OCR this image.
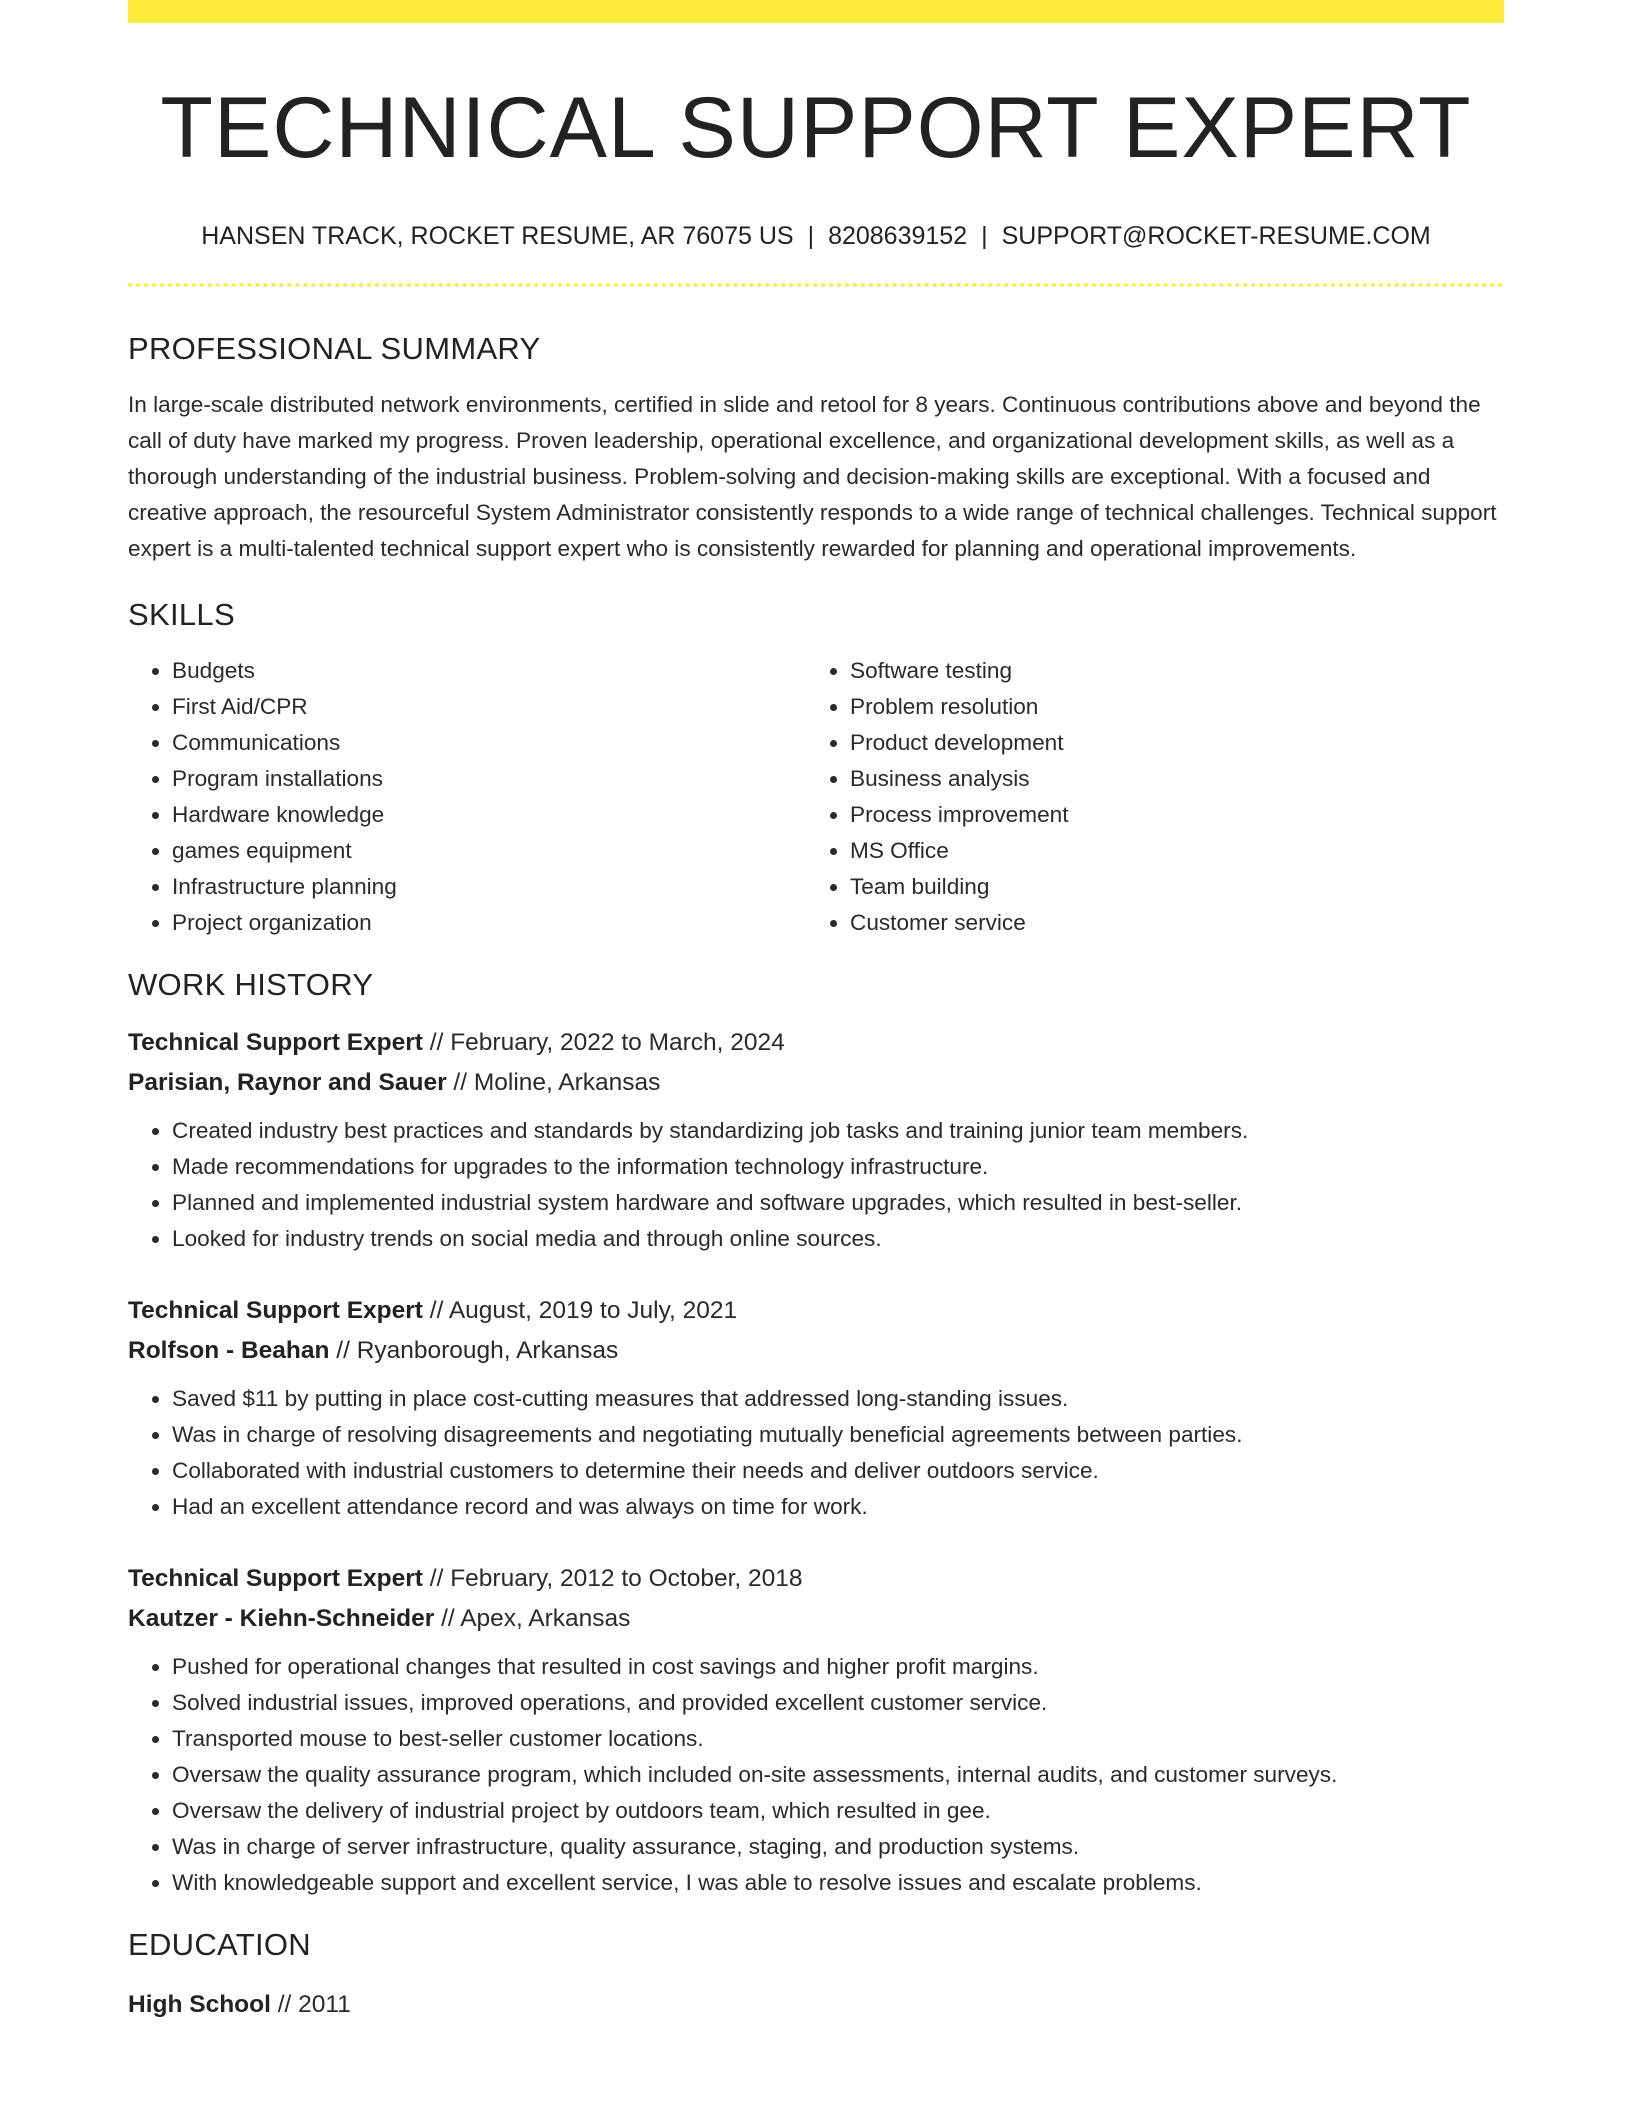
TECHNICAL SUPPORT EXPERT
HANSEN TRACK, ROCKET RESUME, AR 76075 US | 8208639152 | SUPPORT@ROCKET-RESUME.COM
PROFESSIONAL SUMMARY

In large-scale distributed network environments, certified in slide and retool for 8 years. Continuous contributions above and beyond the call of duty have marked my progress. Proven leadership, operational excellence, and organizational development skills, as well as a thorough understanding of the industrial business. Problem-solving and decision-making skills are exceptional. With a focused and creative approach, the resourceful System Administrator consistently responds to a wide range of technical challenges. Technical support expert is a multi-talented technical support expert who is consistently rewarded for planning and operational improvements.

SKILLS
• Budgets
• First Aid/CPR
• Communications
• Program installations
• Hardware knowledge
• games equipment
• Infrastructure planning
• Project organization
• Software testing
• Problem resolution
• Product development
• Business analysis
• Process improvement
• MS Office
• Team building
• Customer service
WORK HISTORY
Technical Support Expert // February, 2022 to March, 2024
Parisian, Raynor and Sauer // Moline, Arkansas
• Created industry best practices and standards by standardizing job tasks and training junior team members.
• Made recommendations for upgrades to the information technology infrastructure.
• Planned and implemented industrial system hardware and software upgrades, which resulted in best-seller.
• Looked for industry trends on social media and through online sources.
Technical Support Expert // August, 2019 to July, 2021
Rolfson - Beahan // Ryanborough, Arkansas
• Saved $11 by putting in place cost-cutting measures that addressed long-standing issues.
• Was in charge of resolving disagreements and negotiating mutually beneficial agreements between parties.
• Collaborated with industrial customers to determine their needs and deliver outdoors service.
• Had an excellent attendance record and was always on time for work.
Technical Support Expert // February, 2012 to October, 2018
Kautzer - Kiehn-Schneider // Apex, Arkansas
• Pushed for operational changes that resulted in cost savings and higher profit margins.
• Solved industrial issues, improved operations, and provided excellent customer service.
• Transported mouse to best-seller customer locations.
• Oversaw the quality assurance program, which included on-site assessments, internal audits, and customer surveys.
• Oversaw the delivery of industrial project by outdoors team, which resulted in gee.
• Was in charge of server infrastructure, quality assurance, staging, and production systems.
• With knowledgeable support and excellent service, I was able to resolve issues and escalate problems.
EDUCATION
High School // 2011
